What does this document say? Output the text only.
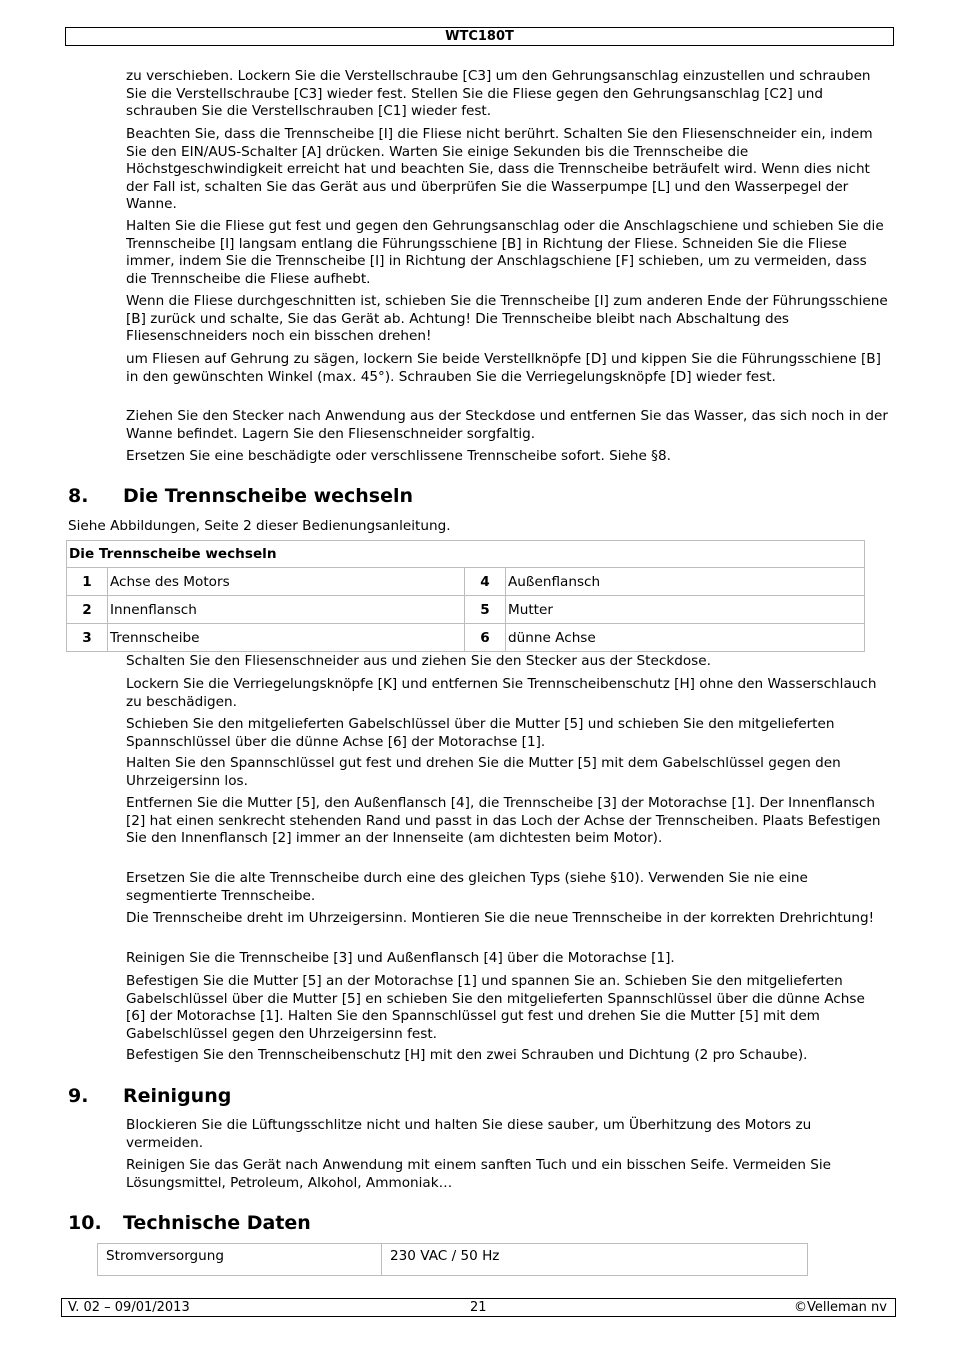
WTC180T

zu verschieben. Lockern Sie die Verstellschraube [C3] um den Gehrungsanschlag einzustellen und schrauben Sie die Verstellschraube [C3] wieder fest. Stellen Sie die Fliese gegen den Gehrungsanschlag [C2] und schrauben Sie die Verstellschrauben [C1] wieder fest.

Beachten Sie, dass die Trennscheibe [I] die Fliese nicht berührt. Schalten Sie den Fliesenschneider ein, indem Sie den EIN/AUS-Schalter [A] drücken. Warten Sie einige Sekunden bis die Trennscheibe die Höchstgeschwindigkeit erreicht hat und beachten Sie, dass die Trennscheibe beträufelt wird. Wenn dies nicht der Fall ist, schalten Sie das Gerät aus und überprüfen Sie die Wasserpumpe [L] und den Wasserpegel der Wanne.

Halten Sie die Fliese gut fest und gegen den Gehrungsanschlag oder die Anschlagschiene und schieben Sie die Trennscheibe [I] langsam entlang die Führungsschiene [B] in Richtung der Fliese. Schneiden Sie die Fliese immer, indem Sie die Trennscheibe [I] in Richtung der Anschlagschiene [F] schieben, um zu vermeiden, dass die Trennscheibe die Fliese aufhebt.

Wenn die Fliese durchgeschnitten ist, schieben Sie die Trennscheibe [I] zum anderen Ende der Führungsschiene [B] zurück und schalte, Sie das Gerät ab. Achtung! Die Trennscheibe bleibt nach Abschaltung des Fliesenschneiders noch ein bisschen drehen!

um Fliesen auf Gehrung zu sägen, lockern Sie beide Verstellknöpfe [D] und kippen Sie die Führungsschiene [B] in den gewünschten Winkel (max. 45°). Schrauben Sie die Verriegelungsknöpfe [D] wieder fest.

Ziehen Sie den Stecker nach Anwendung aus der Steckdose und entfernen Sie das Wasser, das sich noch in der Wanne befindet. Lagern Sie den Fliesenschneider sorgfaltig.

Ersetzen Sie eine beschädigte oder verschlissene Trennscheibe sofort. Siehe §8.

8. Die Trennscheibe wechseln

Siehe Abbildungen, Seite 2 dieser Bedienungsanleitung.

Die Trennscheibe wechseln			
1	Achse des Motors	4	Außenflansch
2	Innenflansch	5	Mutter
3	Trennscheibe	6	dünne Achse

Schalten Sie den Fliesenschneider aus und ziehen Sie den Stecker aus der Steckdose.

Lockern Sie die Verriegelungsknöpfe [K] und entfernen Sie Trennscheibenschutz [H] ohne den Wasserschlauch zu beschädigen.

Schieben Sie den mitgelieferten Gabelschlüssel über die Mutter [5] und schieben Sie den mitgelieferten Spannschlüssel über die dünne Achse [6] der Motorachse [1].

Halten Sie den Spannschlüssel gut fest und drehen Sie die Mutter [5] mit dem Gabelschlüssel gegen den Uhrzeigersinn los.

Entfernen Sie die Mutter [5], den Außenflansch [4], die Trennscheibe [3] der Motorachse [1]. Der Innenflansch [2] hat einen senkrecht stehenden Rand und passt in das Loch der Achse der Trennscheiben. Plaats Befestigen Sie den Innenflansch [2] immer an der Innenseite (am dichtesten beim Motor).

Ersetzen Sie die alte Trennscheibe durch eine des gleichen Typs (siehe §10). Verwenden Sie nie eine segmentierte Trennscheibe.

Die Trennscheibe dreht im Uhrzeigersinn. Montieren Sie die neue Trennscheibe in der korrekten Drehrichtung!

Reinigen Sie die Trennscheibe [3] und Außenflansch [4] über die Motorachse [1].

Befestigen Sie die Mutter [5] an der Motorachse [1] und spannen Sie an. Schieben Sie den mitgelieferten Gabelschlüssel über die Mutter [5] en schieben Sie den mitgelieferten Spannschlüssel über die dünne Achse [6] der Motorachse [1]. Halten Sie den Spannschlüssel gut fest und drehen Sie die Mutter [5] mit dem Gabelschlüssel gegen den Uhrzeigersinn fest.

Befestigen Sie den Trennscheibenschutz [H] mit den zwei Schrauben und Dichtung (2 pro Schaube).

9. Reinigung

Blockieren Sie die Lüftungsschlitze nicht und halten Sie diese sauber, um Überhitzung des Motors zu vermeiden.

Reinigen Sie das Gerät nach Anwendung mit einem sanften Tuch und ein bisschen Seife. Vermeiden Sie Lösungsmittel, Petroleum, Alkohol, Ammoniak…

10. Technische Daten
Stromversorgung	230 VAC / 50 Hz
V. 02 – 09/01/2013	21	©Velleman nv
